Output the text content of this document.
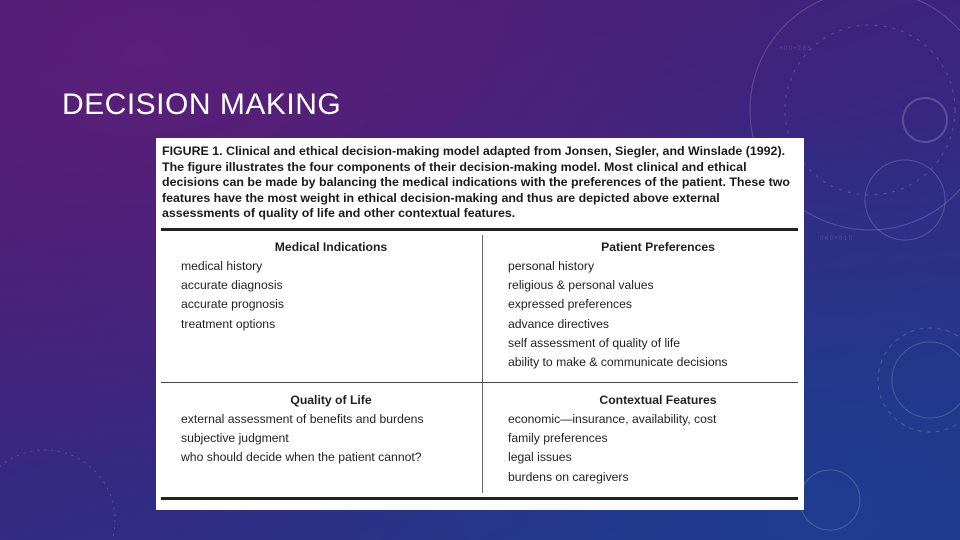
• 0 0 • 2 8 5
0 6 0 • 0 1 0
DECISION MAKING
FIGURE 1. Clinical and ethical decision-making model adapted from Jonsen, Siegler, and Winslade (1992). The figure illustrates the four components of their decision-making model. Most clinical and ethical decisions can be made by balancing the medical indications with the preferences of the patient. These two features have the most weight in ethical decision-making and thus are depicted above external assessments of quality of life and other contextual features.
Medical Indications
medical history
accurate diagnosis
accurate prognosis
treatment options
Patient Preferences
personal history
religious & personal values
expressed preferences
advance directives
self assessment of quality of life
ability to make & communicate decisions
Quality of Life
external assessment of benefits and burdens
subjective judgment
who should decide when the patient cannot?
Contextual Features
economic—insurance, availability, cost
family preferences
legal issues
burdens on caregivers
